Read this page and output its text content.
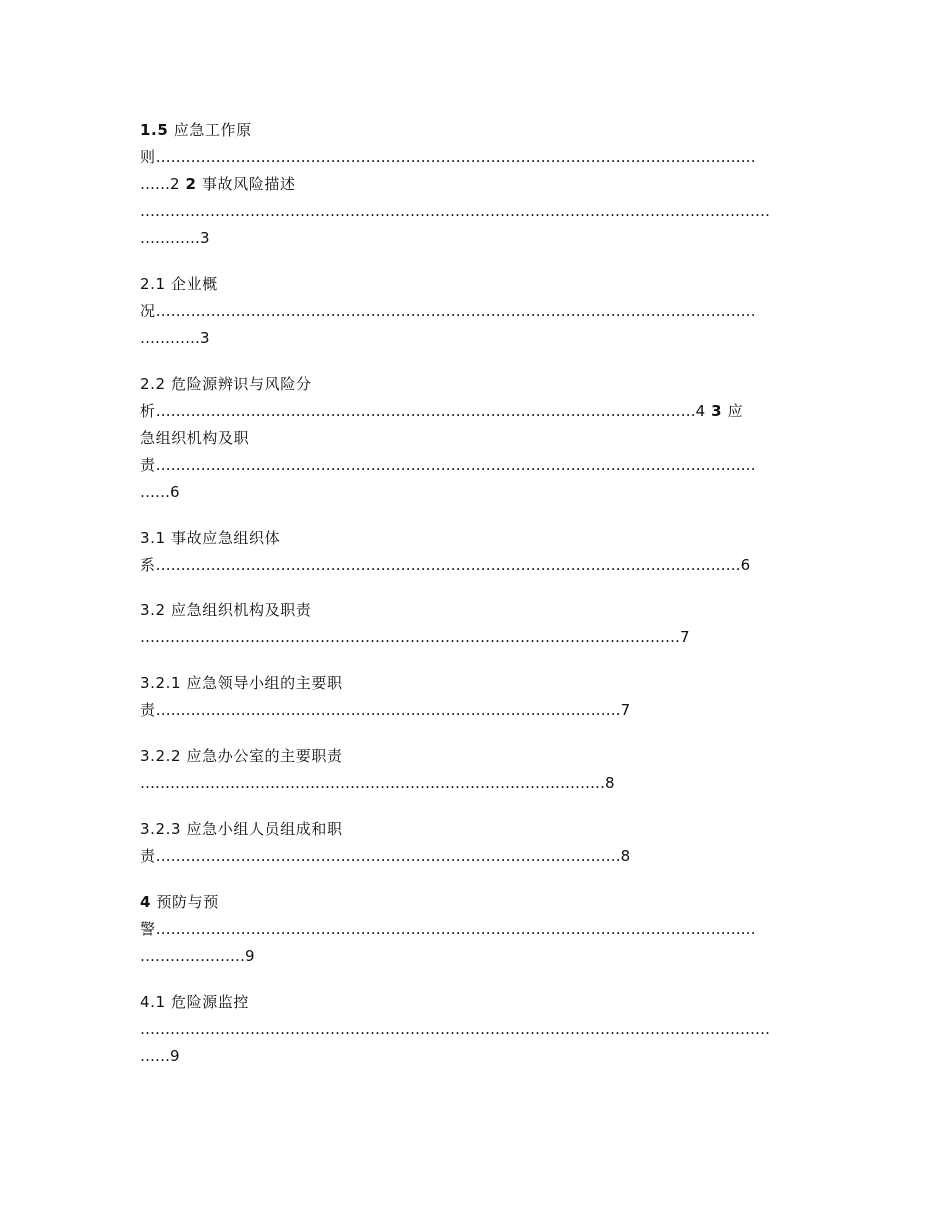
1.5 应急工作原
则…………………………………………………………………………………………………………
……2 2 事故风险描述
………………………………………………………………………………………………………………
…………3
2.1 企业概
况…………………………………………………………………………………………………………
…………3
2.2 危险源辨识与风险分
析………………………………………………………………………………………………4 3 应
急组织机构及职
责…………………………………………………………………………………………………………
……6
3.1 事故应急组织体
系………………………………………………………………………………………………………6
3.2 应急组织机构及职责
………………………………………………………………………………………………7
3.2.1 应急领导小组的主要职
责…………………………………………………………………………………7
3.2.2 应急办公室的主要职责
…………………………………………………………………………………8
3.2.3 应急小组人员组成和职
责…………………………………………………………………………………8
4 预防与预
警…………………………………………………………………………………………………………
…………………9
4.1 危险源监控
………………………………………………………………………………………………………………
……9
